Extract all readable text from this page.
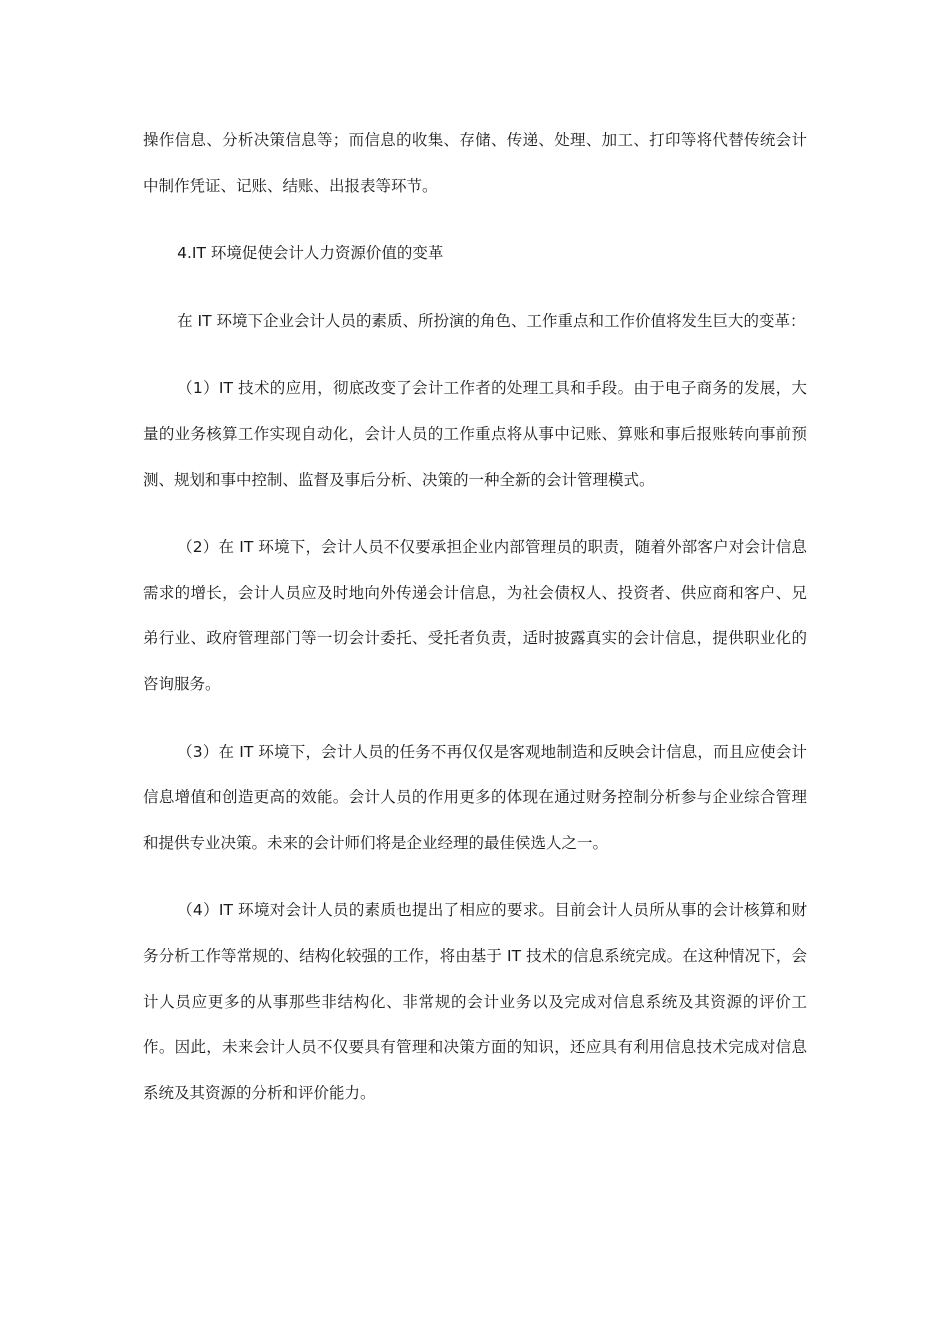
操作信息、分析决策信息等；而信息的收集、存储、传递、处理、加工、打印等将代替传统会计中制作凭证、记账、结账、出报表等环节。

4.IT 环境促使会计人力资源价值的变革

在 IT 环境下企业会计人员的素质、所扮演的角色、工作重点和工作价值将发生巨大的变革：

（1）IT 技术的应用，彻底改变了会计工作者的处理工具和手段。由于电子商务的发展，大量的业务核算工作实现自动化，会计人员的工作重点将从事中记账、算账和事后报账转向事前预测、规划和事中控制、监督及事后分析、决策的一种全新的会计管理模式。

（2）在 IT 环境下，会计人员不仅要承担企业内部管理员的职责，随着外部客户对会计信息需求的增长，会计人员应及时地向外传递会计信息，为社会债权人、投资者、供应商和客户、兄弟行业、政府管理部门等一切会计委托、受托者负责，适时披露真实的会计信息，提供职业化的咨询服务。

（3）在 IT 环境下，会计人员的任务不再仅仅是客观地制造和反映会计信息，而且应使会计信息增值和创造更高的效能。会计人员的作用更多的体现在通过财务控制分析参与企业综合管理和提供专业决策。未来的会计师们将是企业经理的最佳侯选人之一。

（4）IT 环境对会计人员的素质也提出了相应的要求。目前会计人员所从事的会计核算和财务分析工作等常规的、结构化较强的工作，将由基于 IT 技术的信息系统完成。在这种情况下，会计人员应更多的从事那些非结构化、非常规的会计业务以及完成对信息系统及其资源的评价工作。因此，未来会计人员不仅要具有管理和决策方面的知识，还应具有利用信息技术完成对信息系统及其资源的分析和评价能力。
